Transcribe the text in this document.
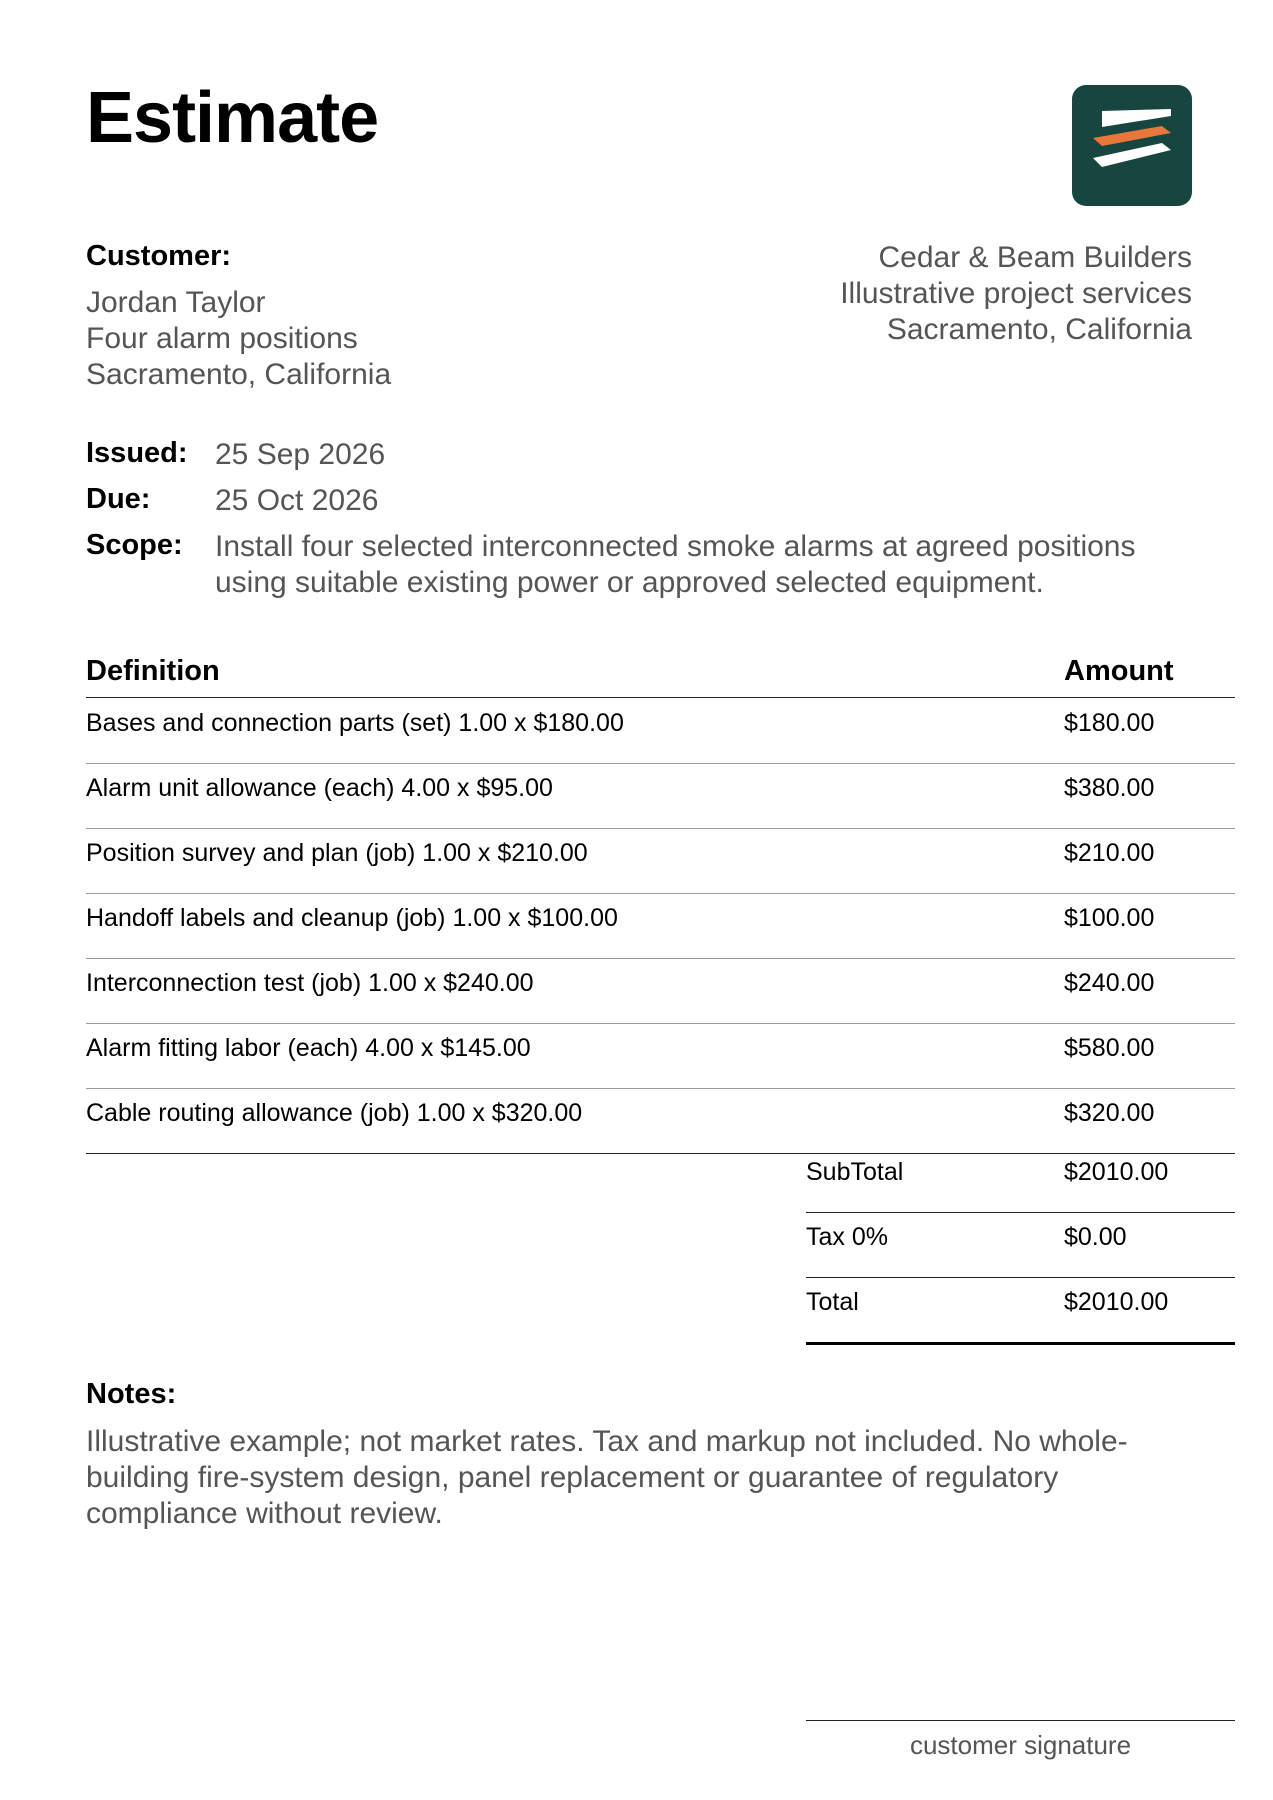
Estimate
Customer:
Jordan Taylor
Four alarm positions
Sacramento, California
Cedar & Beam Builders
Illustrative project services
Sacramento, California
Issued: 25 Sep 2026
Due: 25 Oct 2026
Scope: Install four selected interconnected smoke alarms at agreed positions
using suitable existing power or approved selected equipment.
Definition	Amount
Bases and connection parts (set) 1.00 x $180.00	$180.00
Alarm unit allowance (each) 4.00 x $95.00	$380.00
Position survey and plan (job) 1.00 x $210.00	$210.00
Handoff labels and cleanup (job) 1.00 x $100.00	$100.00
Interconnection test (job) 1.00 x $240.00	$240.00
Alarm fitting labor (each) 4.00 x $145.00	$580.00
Cable routing allowance (job) 1.00 x $320.00	$320.00
SubTotal	$2010.00
Tax 0%	$0.00
Total	$2010.00
Notes:
Illustrative example; not market rates. Tax and markup not included. No whole-
building fire-system design, panel replacement or guarantee of regulatory
compliance without review.
customer signature
